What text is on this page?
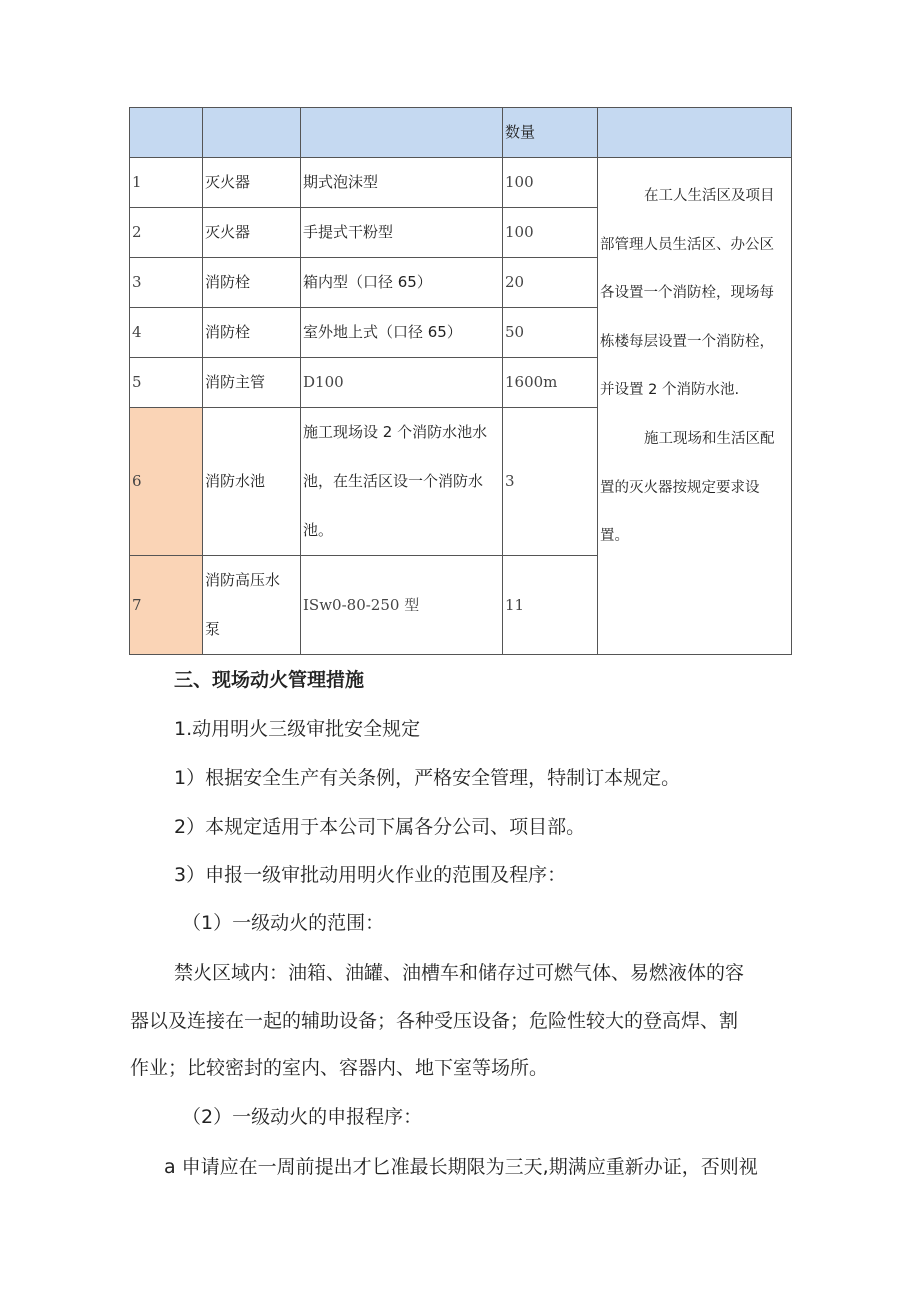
			数量	
1	灭火器	期式泡沫型	100	在工人生活区及项目部管理人员生活区、办公区各设置一个消防栓，现场每栋楼每层设置一个消防栓，并设置 2 个消防水池.

施工现场和生活区配置的灭火器按规定要求设置。

2	灭火器	手提式干粉型	100	
3	消防栓	箱内型（口径 65）	20	
4	消防栓	室外地上式（口径 65）	50	
5	消防主管	D100	1600m	
6	消防水池	施工现场设 2 个消防水池水池，在生活区设一个消防水池。	3	
7	消防高压水泵	ISw0-80-250 型	11	
三、现场动火管理措施
1.动用明火三级审批安全规定
1）根据安全生产有关条例，严格安全管理，特制订本规定。
2）本规定适用于本公司下属各分公司、项目部。
3）申报一级审批动用明火作业的范围及程序：
（1）一级动火的范围：
禁火区域内：油箱、油罐、油槽车和储存过可燃气体、易燃液体的容
器以及连接在一起的辅助设备；各种受压设备；危险性较大的登高焊、割
作业；比较密封的室内、容器内、地下室等场所。
（2）一级动火的申报程序：
a 申请应在一周前提出才匕准最长期限为三天,期满应重新办证，否则视
